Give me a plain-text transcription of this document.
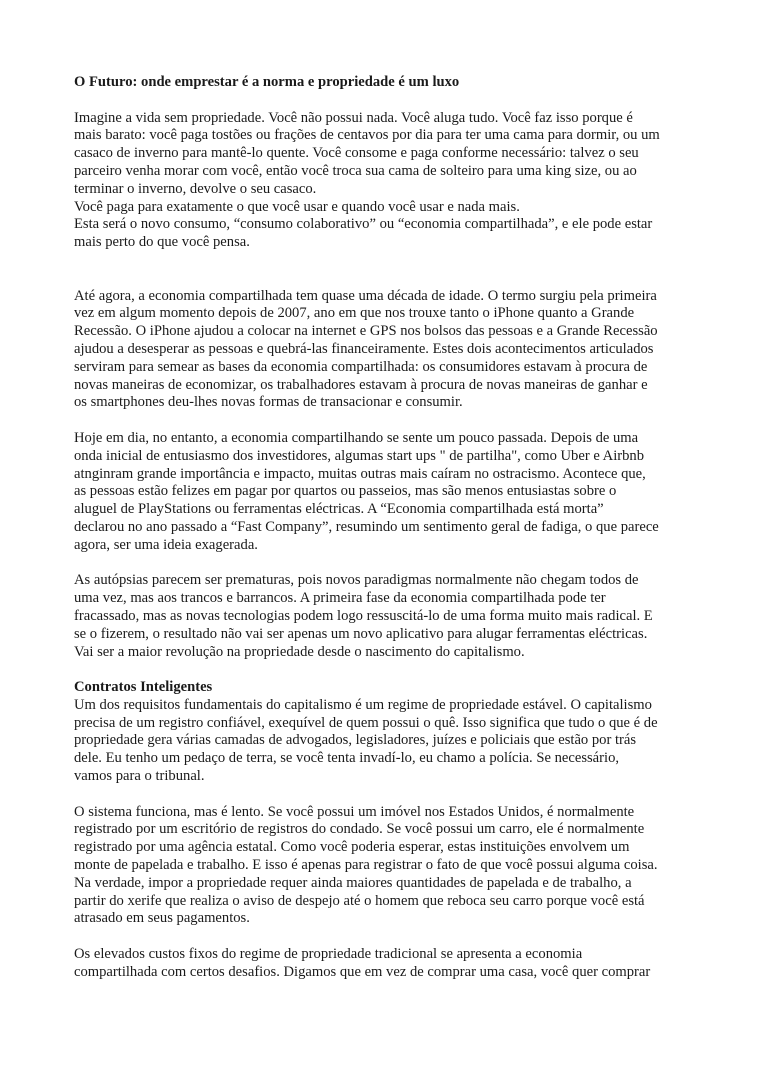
O Futuro: onde emprestar é a norma e propriedade é um luxo
Imagine a vida sem propriedade. Você não possui nada. Você aluga tudo. Você faz isso porque é
mais barato: você paga tostões ou frações de centavos por dia para ter uma cama para dormir, ou um
casaco de inverno para mantê-lo quente. Você consome e paga conforme necessário: talvez o seu
parceiro venha morar com você, então você troca sua cama de solteiro para uma king size, ou ao
terminar o inverno, devolve o seu casaco.
Você paga para exatamente o que você usar e quando você usar e nada mais.
Esta será o novo consumo, “consumo colaborativo” ou “economia compartilhada”, e ele pode estar
mais perto do que você pensa.
Até agora, a economia compartilhada tem quase uma década de idade. O termo surgiu pela primeira
vez em algum momento depois de 2007, ano em que nos trouxe tanto o iPhone quanto a Grande
Recessão. O iPhone ajudou a colocar na internet e GPS nos bolsos das pessoas e a Grande Recessão
ajudou a desesperar as pessoas e quebrá-las financeiramente. Estes dois acontecimentos articulados
serviram para semear as bases da economia compartilhada: os consumidores estavam à procura de
novas maneiras de economizar, os trabalhadores estavam à procura de novas maneiras de ganhar e
os smartphones deu-lhes novas formas de transacionar e consumir.
Hoje em dia, no entanto, a economia compartilhando se sente um pouco passada. Depois de uma
onda inicial de entusiasmo dos investidores, algumas start ups " de partilha", como Uber e Airbnb
atnginram grande importância e impacto, muitas outras mais caíram no ostracismo. Acontece que,
as pessoas estão felizes em pagar por quartos ou passeios, mas são menos entusiastas sobre o
aluguel de PlayStations ou ferramentas eléctricas. A “Economia compartilhada está morta”
declarou no ano passado a “Fast Company”, resumindo um sentimento geral de fadiga, o que parece
agora, ser uma ideia exagerada.
As autópsias parecem ser prematuras, pois novos paradigmas normalmente não chegam todos de
uma vez, mas aos trancos e barrancos. A primeira fase da economia compartilhada pode ter
fracassado, mas as novas tecnologias podem logo ressuscitá-lo de uma forma muito mais radical. E
se o fizerem, o resultado não vai ser apenas um novo aplicativo para alugar ferramentas eléctricas.
Vai ser a maior revolução na propriedade desde o nascimento do capitalismo.
Contratos Inteligentes
Um dos requisitos fundamentais do capitalismo é um regime de propriedade estável. O capitalismo
precisa de um registro confiável, exequível de quem possui o quê. Isso significa que tudo o que é de
propriedade gera várias camadas de advogados, legisladores, juízes e policiais que estão por trás
dele. Eu tenho um pedaço de terra, se você tenta invadí-lo, eu chamo a polícia. Se necessário,
vamos para o tribunal.
O sistema funciona, mas é lento. Se você possui um imóvel nos Estados Unidos, é normalmente
registrado por um escritório de registros do condado. Se você possui um carro, ele é normalmente
registrado por uma agência estatal. Como você poderia esperar, estas instituições envolvem um
monte de papelada e trabalho. E isso é apenas para registrar o fato de que você possui alguma coisa.
Na verdade, impor a propriedade requer ainda maiores quantidades de papelada e de trabalho, a
partir do xerife que realiza o aviso de despejo até o homem que reboca seu carro porque você está
atrasado em seus pagamentos.
Os elevados custos fixos do regime de propriedade tradicional se apresenta a economia
compartilhada com certos desafios. Digamos que em vez de comprar uma casa, você quer comprar
